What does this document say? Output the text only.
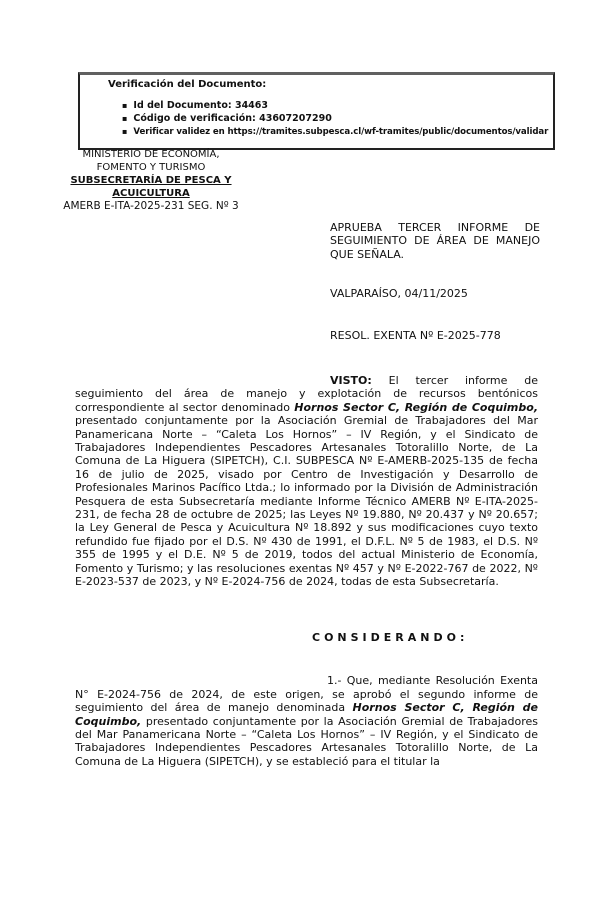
Verificación del Documento:
▪ Id del Documento: 34463
▪ Código de verificación: 43607207290
▪ Verificar validez en https://tramites.subpesca.cl/wf-tramites/public/documentos/validar
MINISTERIO DE ECONOMÍA,
FOMENTO Y TURISMO
SUBSECRETARÍA DE PESCA Y
ACUICULTURA
AMERB E-ITA-2025-231 SEG. Nº 3
APRUEBA TERCER INFORME DE SEGUIMIENTO DE ÁREA DE MANEJO QUE SEÑALA.
VALPARAÍSO, 04/11/2025
RESOL. EXENTA Nº E-2025-778

VISTO: El tercer informe de seguimiento del área de manejo y explotación de recursos bentónicos correspondiente al sector denominado Hornos Sector C, Región de Coquimbo, presentado conjuntamente por la Asociación Gremial de Trabajadores del Mar Panamericana Norte – “Caleta Los Hornos” – IV Región, y el Sindicato de Trabajadores Independientes Pescadores Artesanales Totoralillo Norte, de La Comuna de La Higuera (SIPETCH), C.I. SUBPESCA Nº E-AMERB-2025-135 de fecha 16 de julio de 2025, visado por Centro de Investigación y Desarrollo de Profesionales Marinos Pacífico Ltda.; lo informado por la División de Administración Pesquera de esta Subsecretaría mediante Informe Técnico AMERB Nº E-ITA-2025-231, de fecha 28 de octubre de 2025; las Leyes Nº 19.880, Nº 20.437 y Nº 20.657; la Ley General de Pesca y Acuicultura Nº 18.892 y sus modificaciones cuyo texto refundido fue fijado por el D.S. Nº 430 de 1991, el D.F.L. Nº 5 de 1983, el D.S. Nº 355 de 1995 y el D.E. Nº 5 de 2019, todos del actual Ministerio de Economía, Fomento y Turismo; y las resoluciones exentas Nº 457 y Nº E-2022-767 de 2022, Nº E-2023-537 de 2023, y Nº E-2024-756 de 2024, todas de esta Subsecretaría.

CONSIDERANDO:

1.- Que, mediante Resolución Exenta N° E-2024-756 de 2024, de este origen, se aprobó el segundo informe de seguimiento del área de manejo denominada Hornos Sector C, Región de Coquimbo, presentado conjuntamente por la Asociación Gremial de Trabajadores del Mar Panamericana Norte – “Caleta Los Hornos” – IV Región, y el Sindicato de Trabajadores Independientes Pescadores Artesanales Totoralillo Norte, de La Comuna de La Higuera (SIPETCH), y se estableció para el titular la
